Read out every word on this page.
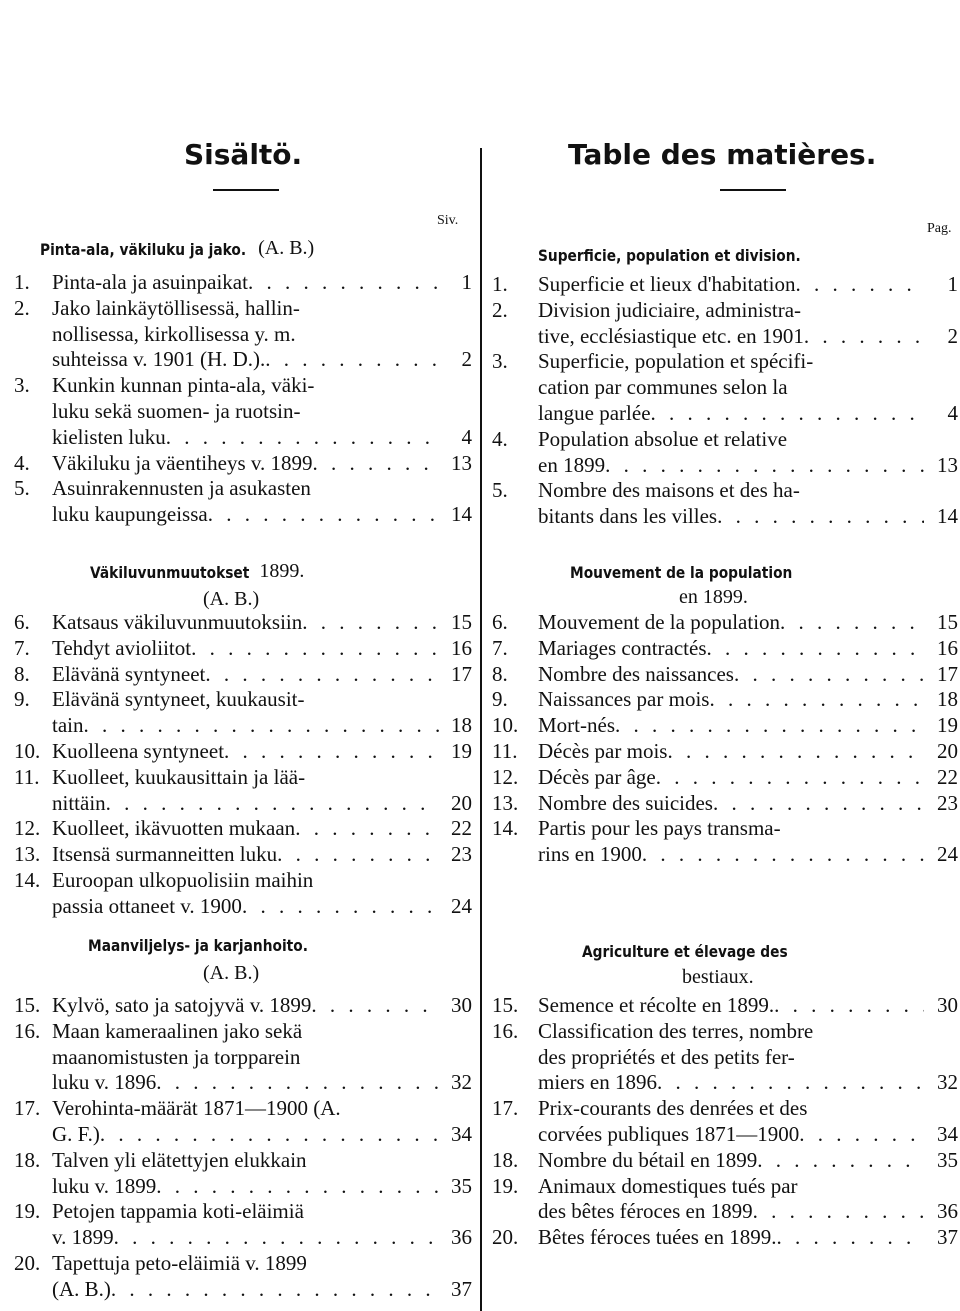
Sisältö.
Siv.
Pinta-ala, väkiluku ja jako. (A. B.)
1.	Pinta-ala ja asuinpaikat . . .	1
2.	Jako lainkäytöllisessä, hallin-
nollisessa, kirkollisessa y. m.
suhteissa v. 1901 (H. D.). . . .	2
3.	Kunkin kunnan pinta-ala, väki-
luku sekä suomen- ja ruotsin-
kielisten luku . . .	4
4.	Väkiluku ja väentiheys v. 1899 . . .	13
5.	Asuinrakennusten ja asukasten
luku kaupungeissa . . .	14
Väkiluvunmuutokset 1899.
(A. B.)
6.	Katsaus väkiluvunmuutoksiin . . .	15
7.	Tehdyt avioliitot . . .	16
8.	Elävänä syntyneet . . .	17
9.	Elävänä syntyneet, kuukausit-
tain . . .	18
10. Kuolleena syntyneet . . .	19
11. Kuolleet, kuukausittain ja lää-
nittäin . . .	20
12. Kuolleet, ikävuotten mukaan . . .	22
13. Itsensä surmanneitten luku . . .	23
14. Euroopan ulkopuolisiin maihin
passia ottaneet v. 1900 . . .	24
Maanviljelys- ja karjanhoito.
(A. B.)
15. Kylvö, sato ja satojyvä v. 1899 . . .	30
16. Maan kameraalinen jako sekä
maanomistusten ja torpparein
luku v. 1896 . . .	32
17. Verohinta-määrät 1871—1900 (A.
G. F.) . . .	34
18. Talven yli elätettyjen elukkain
luku v. 1899 . . .	35
19. Petojen tappamia koti-eläimiä
v. 1899 . . .	36
20. Tapettuja peto-eläimiä v. 1899
(A. B.) . . .	37
Table des matières.
Pag.
Superficie, population et division.
1.	Superficie et lieux d'habitation . . .	1
2.	Division judiciaire, administra-
tive, ecclésiastique etc. en 1901 . . .	2
3.	Superficie, population et spécifi-
cation par communes selon la
langue parlée . . .	4
4.	Population absolue et relative
en 1899 . . .	13
5.	Nombre des maisons et des ha-
bitants dans les villes . . .	14
Mouvement de la population
en 1899.
6.	Mouvement de la population . . .	15
7.	Mariages contractés . . .	16
8.	Nombre des naissances . . .	17
9.	Naissances par mois . . .	18
10. Mort-nés . . .	19
11. Décès par mois . . .	20
12. Décès par âge . . .	22
13. Nombre des suicides . . .	23
14. Partis pour les pays transma-
rins en 1900 . . .	24
Agriculture et élevage des
bestiaux.
15. Semence et récolte en 1899. . . .	30
16. Classification des terres, nombre
des propriétés et des petits fer-
miers en 1896 . . .	32
17. Prix-courants des denrées et des
corvées publiques 1871—1900 . . .	34
18. Nombre du bétail en 1899 . . .	35
19. Animaux domestiques tués par
des bêtes féroces en 1899 . . .	36
20. Bêtes féroces tuées en 1899. . . .	37
